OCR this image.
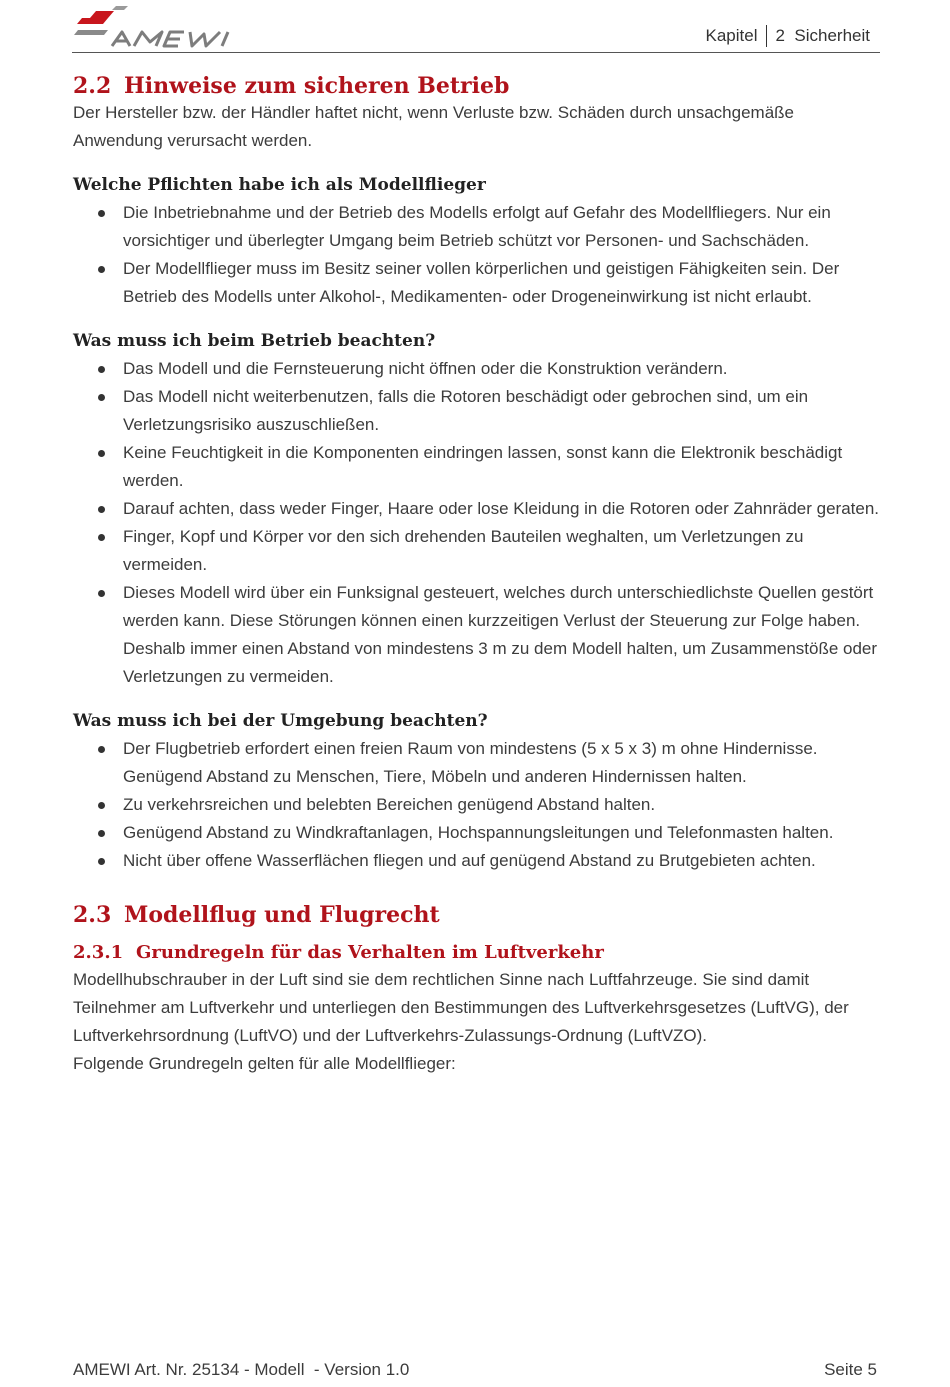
AMEWI
Kapitel 2  Sicherheit
2.2 Hinweise zum sicheren Betrieb

Der Hersteller bzw. der Händler haftet nicht, wenn Verluste bzw. Schäden durch unsachgemäße Anwendung verursacht werden.

Welche Pflichten habe ich als Modellflieger
Die Inbetriebnahme und der Betrieb des Modells erfolgt auf Gefahr des Modellfliegers. Nur ein vorsichtiger und überlegter Umgang beim Betrieb schützt vor Personen- und Sachschäden.
Der Modellflieger muss im Besitz seiner vollen körperlichen und geistigen Fähigkeiten sein. Der Betrieb des Modells unter Alkohol-, Medikamenten- oder Drogeneinwirkung ist nicht erlaubt.
Was muss ich beim Betrieb beachten?
Das Modell und die Fernsteuerung nicht öffnen oder die Konstruktion verändern.
Das Modell nicht weiterbenutzen, falls die Rotoren beschädigt oder gebrochen sind, um ein Verletzungsrisiko auszuschließen.
Keine Feuchtigkeit in die Komponenten eindringen lassen, sonst kann die Elektronik beschädigt werden.
Darauf achten, dass weder Finger, Haare oder lose Kleidung in die Rotoren oder Zahnräder geraten.
Finger, Kopf und Körper vor den sich drehenden Bauteilen weghalten, um Verletzungen zu vermeiden.
Dieses Modell wird über ein Funksignal gesteuert, welches durch unterschiedlichste Quellen gestört werden kann. Diese Störungen können einen kurzzeitigen Verlust der Steuerung zur Folge haben. Deshalb immer einen Abstand von mindestens 3 m zu dem Modell halten, um Zusammenstöße oder Verletzungen zu vermeiden.
Was muss ich bei der Umgebung beachten?
Der Flugbetrieb erfordert einen freien Raum von mindestens (5 x 5 x 3) m ohne Hindernisse. Genügend Abstand zu Menschen, Tiere, Möbeln und anderen Hindernissen halten.
Zu verkehrsreichen und belebten Bereichen genügend Abstand halten.
Genügend Abstand zu Windkraftanlagen, Hochspannungsleitungen und Telefonmasten halten.
Nicht über offene Wasserflächen fliegen und auf genügend Abstand zu Brutgebieten achten.
2.3 Modellflug und Flugrecht
2.3.1 Grundregeln für das Verhalten im Luftverkehr

Modellhubschrauber in der Luft sind sie dem rechtlichen Sinne nach Luftfahrzeuge. Sie sind damit Teilnehmer am Luftverkehr und unterliegen den Bestimmungen des Luftverkehrsgesetzes (LuftVG), der Luftverkehrsordnung (LuftVO) und der Luftverkehrs-Zulassungs-Ordnung (LuftVZO).

Folgende Grundregeln gelten für alle Modellflieger:

AMEWI Art. Nr. 25134 - Modell  - Version 1.0	Seite 5
